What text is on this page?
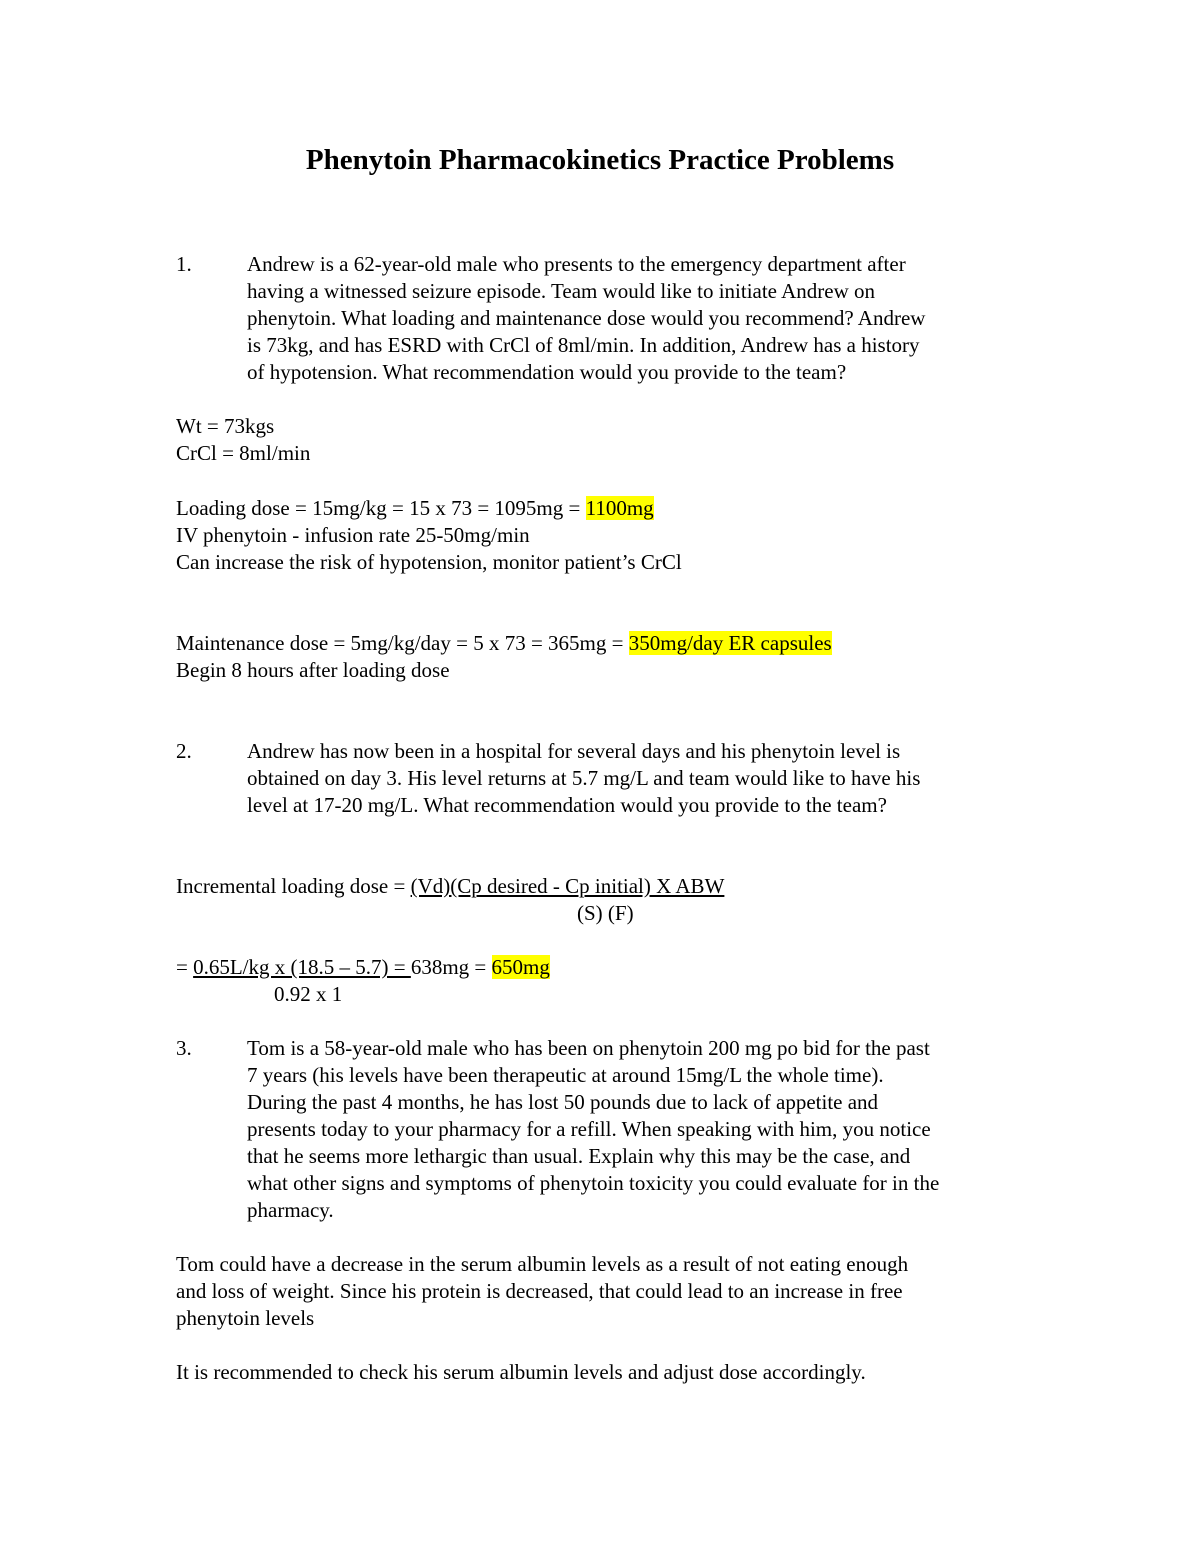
Phenytoin Pharmacokinetics Practice Problems
1.	Andrew is a 62-year-old male who presents to the emergency department after
having a witnessed seizure episode. Team would like to initiate Andrew on
phenytoin. What loading and maintenance dose would you recommend? Andrew
is 73kg, and has ESRD with CrCl of 8ml/min. In addition, Andrew has a history
of hypotension. What recommendation would you provide to the team?
Wt = 73kgs
CrCl = 8ml/min
Loading dose = 15mg/kg = 15 x 73 = 1095mg = 1100mg
IV phenytoin - infusion rate 25-50mg/min
Can increase the risk of hypotension, monitor patient’s CrCl
Maintenance dose = 5mg/kg/day = 5 x 73 = 365mg = 350mg/day ER capsules
Begin 8 hours after loading dose
2.	Andrew has now been in a hospital for several days and his phenytoin level is
obtained on day 3. His level returns at 5.7 mg/L and team would like to have his
level at 17-20 mg/L. What recommendation would you provide to the team?
Incremental loading dose = (Vd)(Cp desired - Cp initial) X ABW
(S) (F)
= 0.65L/kg x (18.5 – 5.7) = 638mg = 650mg
0.92 x 1
3.	Tom is a 58-year-old male who has been on phenytoin 200 mg po bid for the past
7 years (his levels have been therapeutic at around 15mg/L the whole time).
During the past 4 months, he has lost 50 pounds due to lack of appetite and
presents today to your pharmacy for a refill. When speaking with him, you notice
that he seems more lethargic than usual. Explain why this may be the case, and
what other signs and symptoms of phenytoin toxicity you could evaluate for in the
pharmacy.
Tom could have a decrease in the serum albumin levels as a result of not eating enough
and loss of weight. Since his protein is decreased, that could lead to an increase in free
phenytoin levels
It is recommended to check his serum albumin levels and adjust dose accordingly.
